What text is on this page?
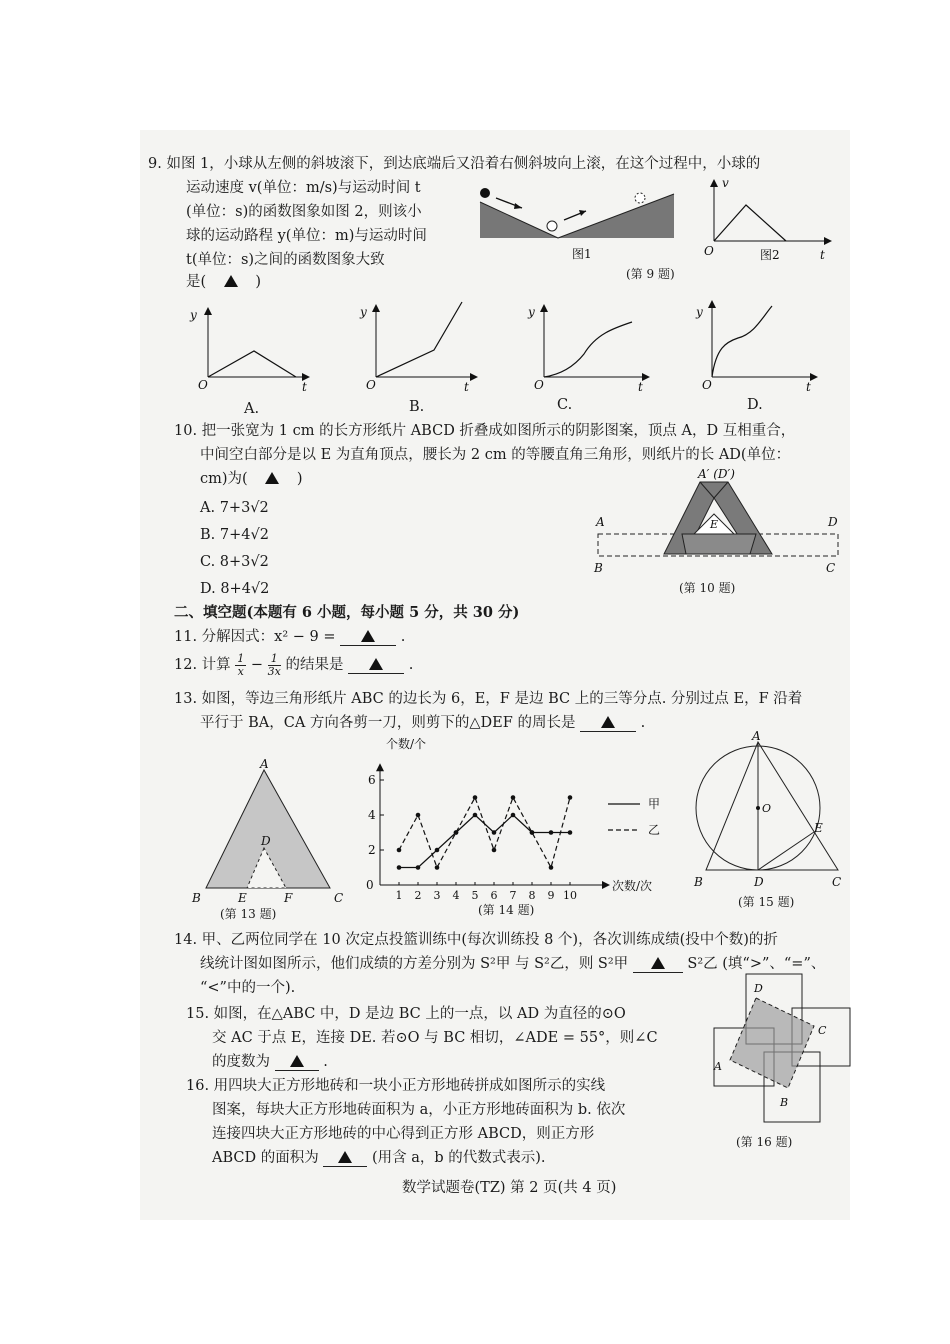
9. 如图 1，小球从左侧的斜坡滚下，到达底端后又沿着右侧斜坡向上滚，在这个过程中，小球的
运动速度 v(单位：m/s)与运动时间 t
(单位：s)的函数图象如图 2，则该小
球的运动路程 y(单位：m)与运动时间
t(单位：s)之间的函数图象大致
是(	)
图1
v
O	图2	t
(第 9 题)
y
O	t
y
O	t
y
O	t
y
O	t
A.	B.	C.	D.
10. 把一张宽为 1 cm 的长方形纸片 ABCD 折叠成如图所示的阴影图案，顶点 A，D 互相重合，
中间空白部分是以 E 为直角顶点，腰长为 2 cm 的等腰直角三角形，则纸片的长 AD(单位：
cm)为(	)
A. 7+3√2
B. 7+4√2
C. 8+3√2
D. 8+4√2
A′ (D′)
A
B
D
C
E
(第 10 题)
二、填空题(本题有 6 小题，每小题 5 分，共 30 分)
11. 分解因式：x² − 9 =	.
12. 计算 $\frac{1}{x} - \frac{1}{3x}$ 的结果是	.
13. 如图，等边三角形纸片 ABC 的边长为 6，E，F 是边 BC 上的三等分点. 分别过点 E，F 沿着
平行于 BA，CA 方向各剪一刀，则剪下的△DEF 的周长是	.
A
B	C
D
E	F
(第 13 题)
0
2
4
6
1 2 3 4 5 6 7 8 9 10
个数/个
次数/次
甲
乙
(第 14 题)
A
B	C
D
E
O
(第 15 题)
14. 甲、乙两位同学在 10 次定点投篮训练中(每次训练投 8 个)，各次训练成绩(投中个数)的折
线统计图如图所示，他们成绩的方差分别为 S²甲 与 S²乙，则 S²甲	S²乙 (填“>”、“=”、
“<”中的一个).
15. 如图，在△ABC 中，D 是边 BC 上的一点，以 AD 为直径的⊙O
交 AC 于点 E，连接 DE. 若⊙O 与 BC 相切，∠ADE = 55°，则∠C
的度数为	.
16. 用四块大正方形地砖和一块小正方形地砖拼成如图所示的实线
图案，每块大正方形地砖面积为 a，小正方形地砖面积为 b. 依次
连接四块大正方形地砖的中心得到正方形 ABCD，则正方形
ABCD 的面积为	(用含 a，b 的代数式表示).
D
C
A
B
(第 16 题)
数学试题卷(TZ) 第 2 页(共 4 页)
